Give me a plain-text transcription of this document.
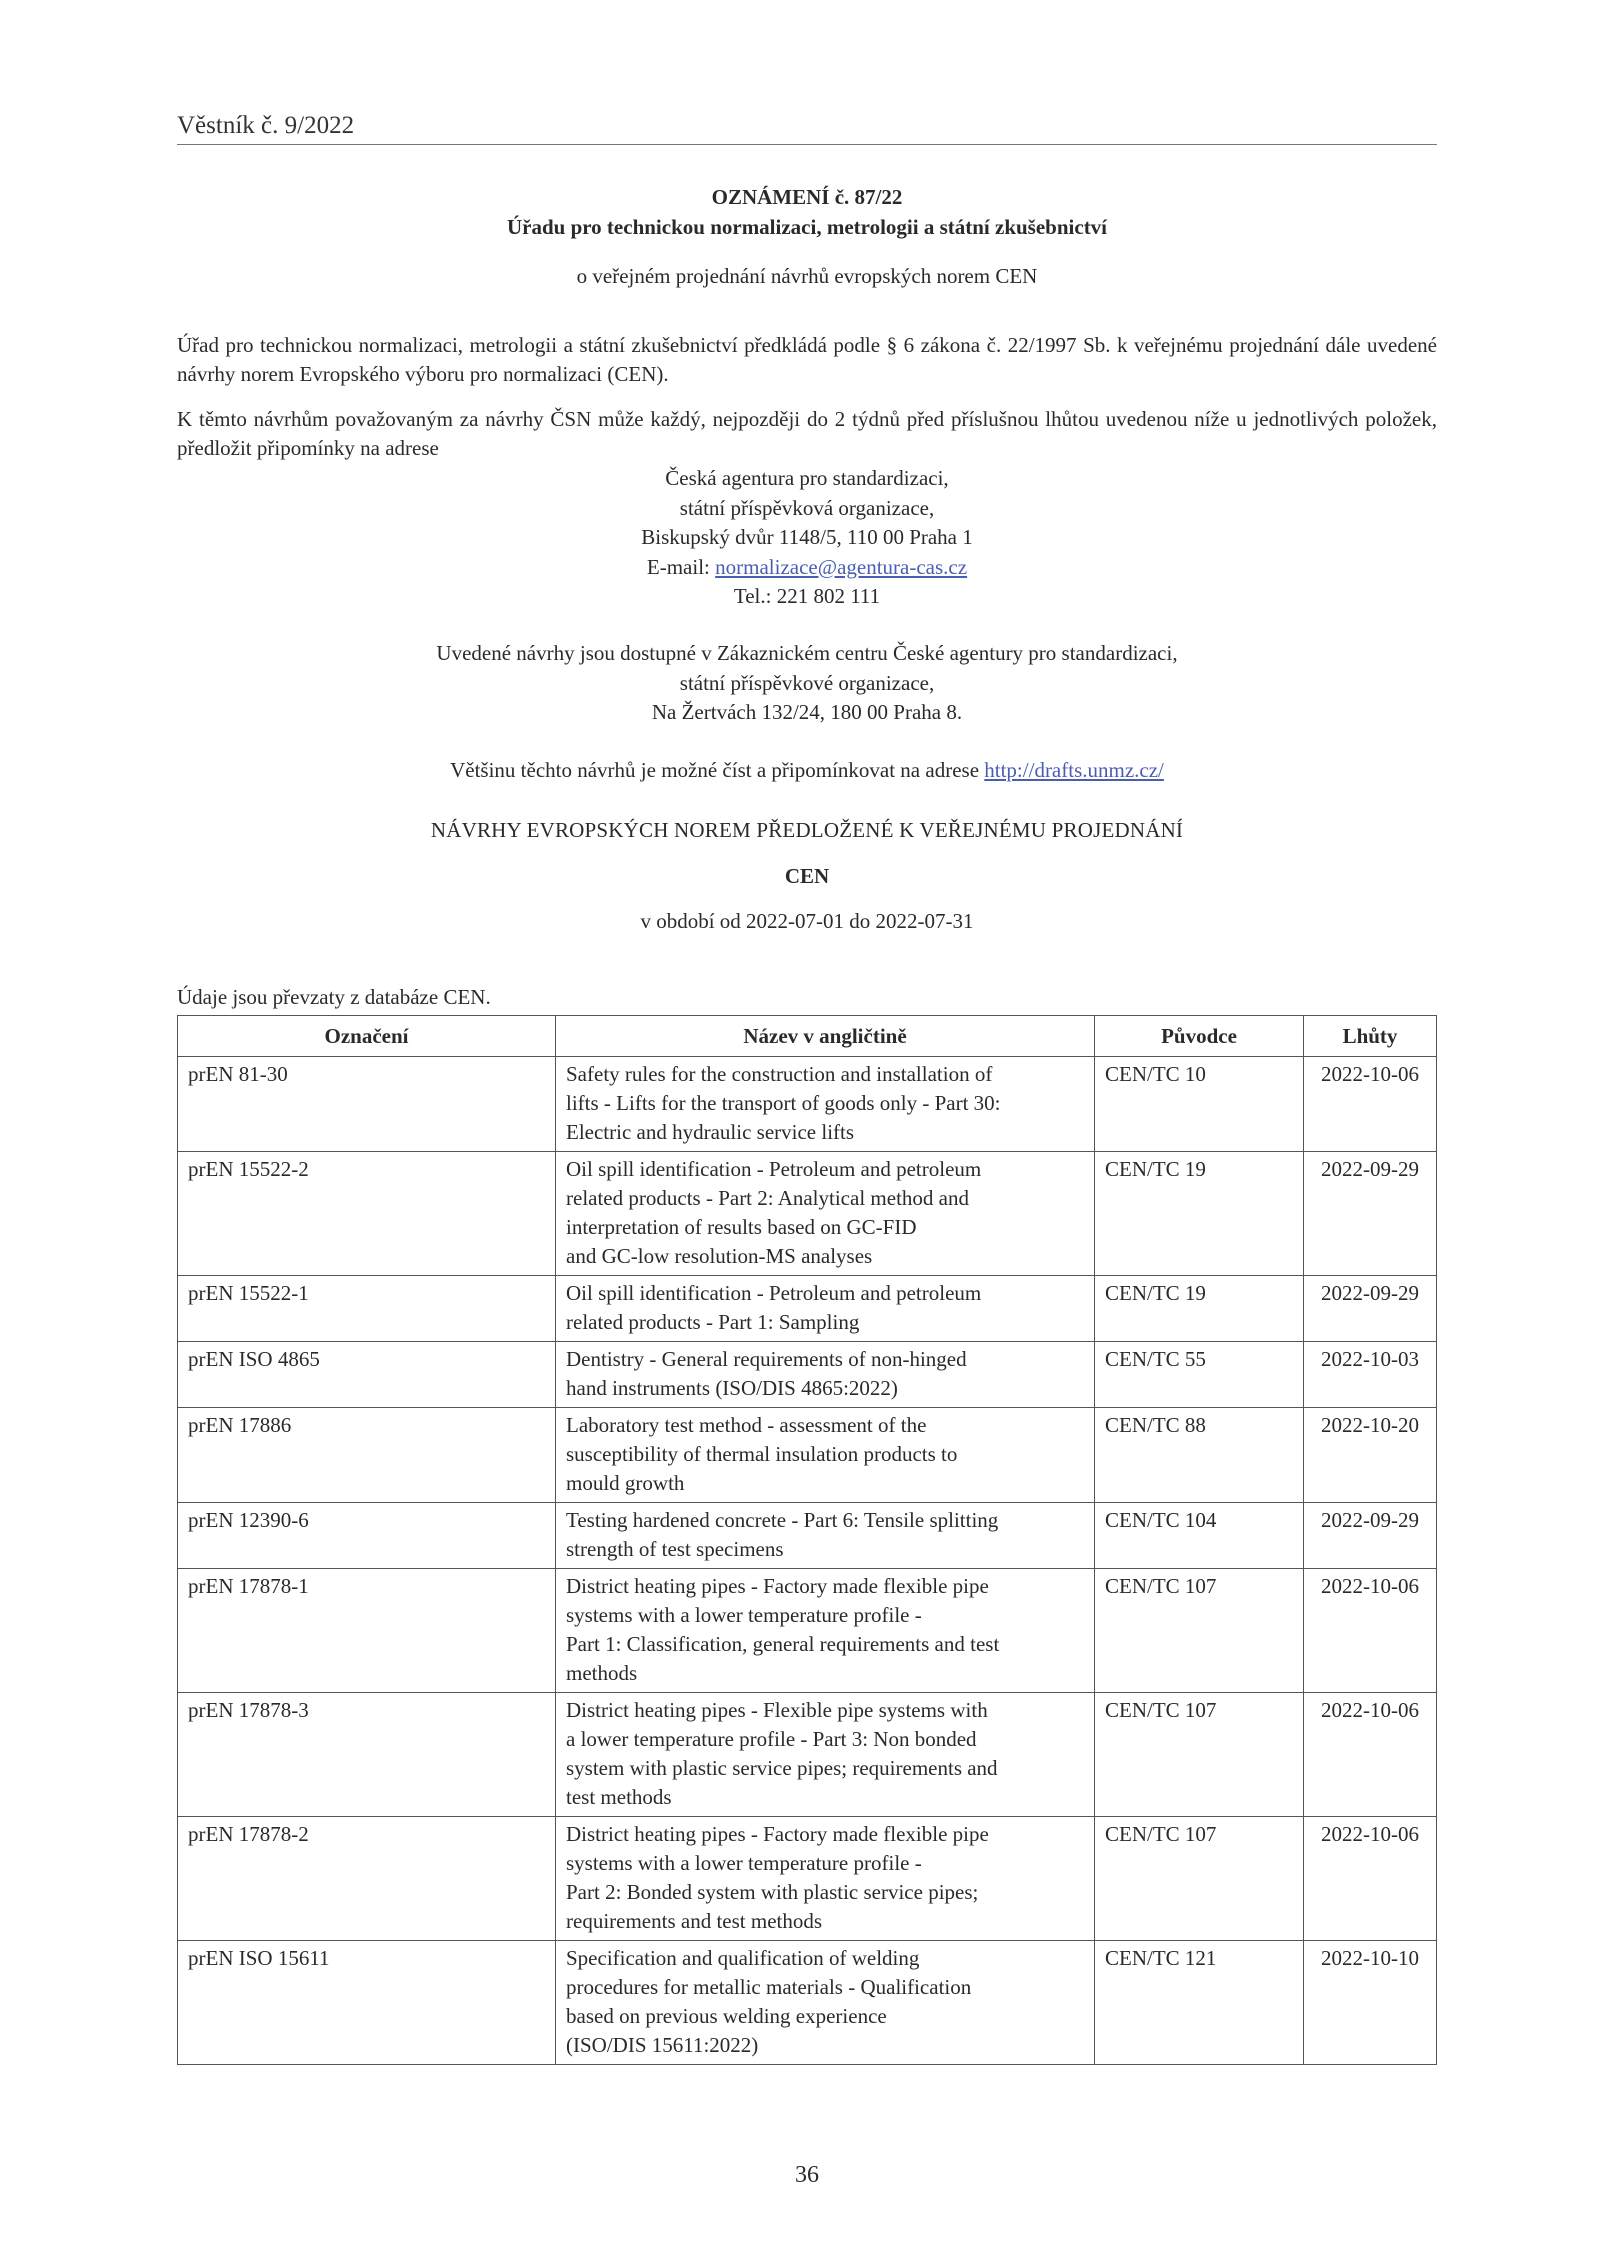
Věstník č. 9/2022
OZNÁMENÍ č. 87/22
Úřadu pro technickou normalizaci, metrologii a státní zkušebnictví
o veřejném projednání návrhů evropských norem CEN
Úřad pro technickou normalizaci, metrologii a státní zkušebnictví předkládá podle § 6 zákona č. 22/1997 Sb. k veřejnému projednání dále uvedené návrhy norem Evropského výboru pro normalizaci (CEN).
K těmto návrhům považovaným za návrhy ČSN může každý, nejpozději do 2 týdnů před příslušnou lhůtou uvedenou níže u jednotlivých položek, předložit připomínky na adrese
Česká agentura pro standardizaci,
státní příspěvková organizace,
Biskupský dvůr 1148/5, 110 00 Praha 1
E-mail: normalizace@agentura-cas.cz
Tel.: 221 802 111
Uvedené návrhy jsou dostupné v Zákaznickém centru České agentury pro standardizaci,
státní příspěvkové organizace,
Na Žertvách 132/24, 180 00 Praha 8.
Většinu těchto návrhů je možné číst a připomínkovat na adrese http://drafts.unmz.cz/
NÁVRHY EVROPSKÝCH NOREM PŘEDLOŽENÉ K VEŘEJNÉMU PROJEDNÁNÍ
CEN
v období od 2022-07-01 do 2022-07-31
Údaje jsou převzaty z databáze CEN.
Označení	Název v angličtině	Původce	Lhůty
prEN 81-30	Safety rules for the construction and installation of
lifts - Lifts for the transport of goods only - Part 30:
Electric and hydraulic service lifts	CEN/TC 10	2022-10-06
prEN 15522-2	Oil spill identification - Petroleum and petroleum
related products - Part 2: Analytical method and
interpretation of results based on GC-FID
and GC-low resolution-MS analyses	CEN/TC 19	2022-09-29
prEN 15522-1	Oil spill identification - Petroleum and petroleum
related products - Part 1: Sampling	CEN/TC 19	2022-09-29
prEN ISO 4865	Dentistry - General requirements of non-hinged
hand instruments (ISO/DIS 4865:2022)	CEN/TC 55	2022-10-03
prEN 17886	Laboratory test method - assessment of the
susceptibility of thermal insulation products to
mould growth	CEN/TC 88	2022-10-20
prEN 12390-6	Testing hardened concrete - Part 6: Tensile splitting
strength of test specimens	CEN/TC 104	2022-09-29
prEN 17878-1	District heating pipes - Factory made flexible pipe
systems with a lower temperature profile -
Part 1: Classification, general requirements and test
methods	CEN/TC 107	2022-10-06
prEN 17878-3	District heating pipes - Flexible pipe systems with
a lower temperature profile - Part 3: Non bonded
system with plastic service pipes; requirements and
test methods	CEN/TC 107	2022-10-06
prEN 17878-2	District heating pipes - Factory made flexible pipe
systems with a lower temperature profile -
Part 2: Bonded system with plastic service pipes;
requirements and test methods	CEN/TC 107	2022-10-06
prEN ISO 15611	Specification and qualification of welding
procedures for metallic materials - Qualification
based on previous welding experience
(ISO/DIS 15611:2022)	CEN/TC 121	2022-10-10
36
